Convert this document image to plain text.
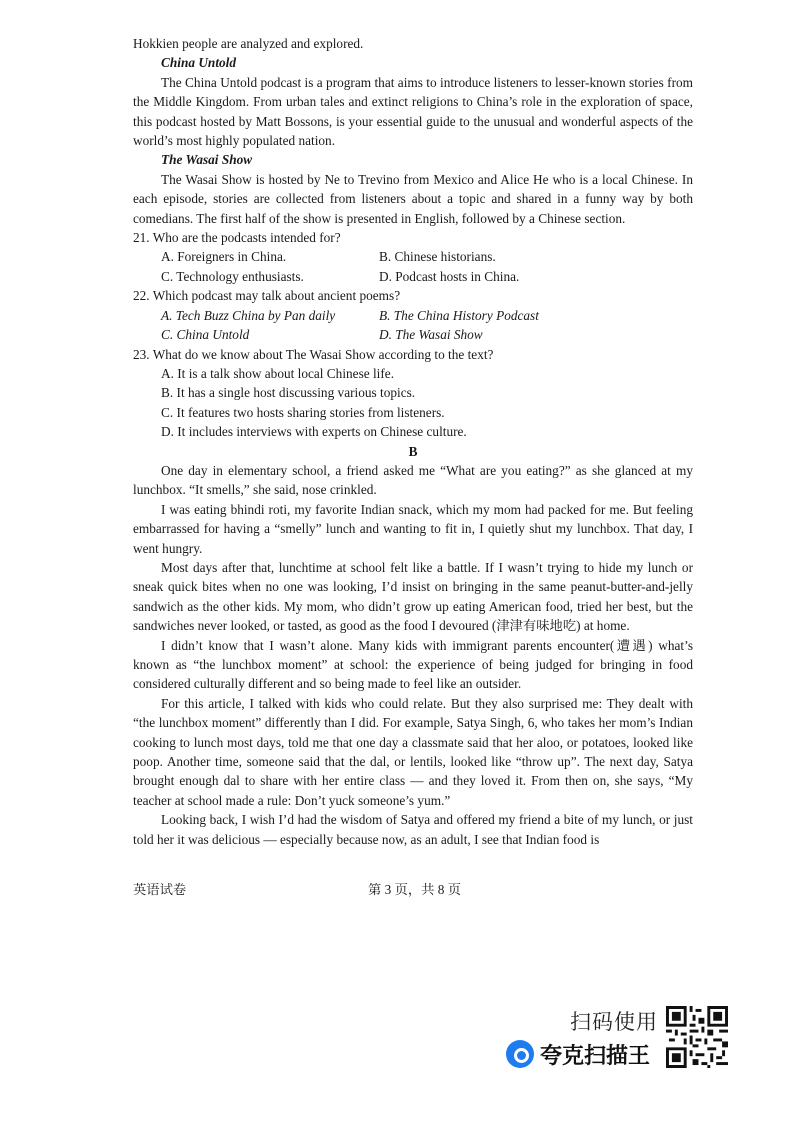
Hokkien people are analyzed and explored.

China Untold

The China Untold podcast is a program that aims to introduce listeners to lesser-known stories from the Middle Kingdom. From urban tales and extinct religions to China’s role in the exploration of space, this podcast hosted by Matt Bossons, is your essential guide to the unusual and wonderful aspects of the world’s most highly populated nation.

The Wasai Show

The Wasai Show is hosted by Ne to Trevino from Mexico and Alice He who is a local Chinese. In each episode, stories are collected from listeners about a topic and shared in a funny way by both comedians. The first half of the show is presented in English, followed by a Chinese section.

21. Who are the podcasts intended for?

A. Foreigners in China.	B. Chinese historians.
C. Technology enthusiasts.	D. Podcast hosts in China.

22. Which podcast may talk about ancient poems?

A. Tech Buzz China by Pan daily	B. The China History Podcast
C. China Untold	D. The Wasai Show

23. What do we know about The Wasai Show according to the text?

A. It is a talk show about local Chinese life.

B. It has a single host discussing various topics.

C. It features two hosts sharing stories from listeners.

D. It includes interviews with experts on Chinese culture.

B

One day in elementary school, a friend asked me “What are you eating?” as she glanced at my lunchbox. “It smells,” she said, nose crinkled.

I was eating bhindi roti, my favorite Indian snack, which my mom had packed for me. But feeling embarrassed for having a “smelly” lunch and wanting to fit in, I quietly shut my lunchbox. That day, I went hungry.

Most days after that, lunchtime at school felt like a battle. If I wasn’t trying to hide my lunch or sneak quick bites when no one was looking, I’d insist on bringing in the same peanut-butter-and-jelly sandwich as the other kids. My mom, who didn’t grow up eating American food, tried her best, but the sandwiches never looked, or tasted, as good as the food I devoured (津津有味地吃) at home.

I didn’t know that I wasn’t alone. Many kids with immigrant parents encounter(遭遇) what’s known as “the lunchbox moment” at school: the experience of being judged for bringing in food considered culturally different and so being made to feel like an outsider.

For this article, I talked with kids who could relate. But they also surprised me: They dealt with “the lunchbox moment” differently than I did. For example, Satya Singh, 6, who takes her mom’s Indian cooking to lunch most days, told me that one day a classmate said that her aloo, or potatoes, looked like poop. Another time, someone said that the dal, or lentils, looked like “throw up”. The next day, Satya brought enough dal to share with her entire class — and they loved it. From then on, she says, “My teacher at school made a rule: Don’t yuck someone’s yum.”

Looking back, I wish I’d had the wisdom of Satya and offered my friend a bite of my lunch, or just told her it was delicious — especially because now, as an adult, I see that Indian food is

英语试卷	第 3 页，共 8 页
扫码使用
夸克扫描王
